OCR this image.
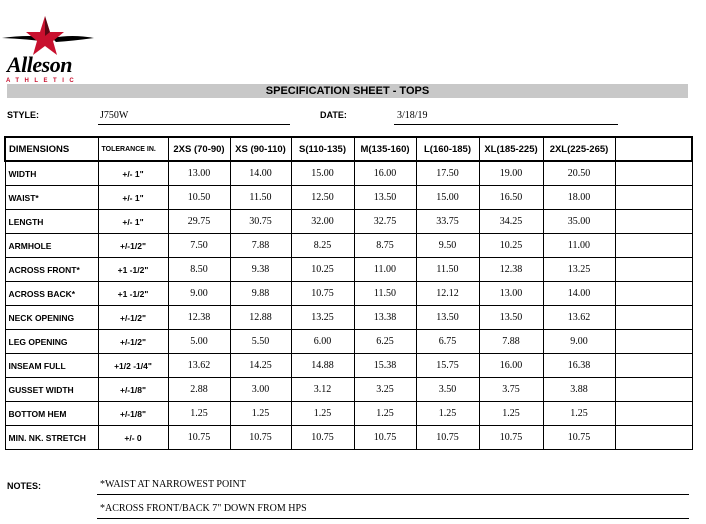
Alleson
ATHLETIC
SPECIFICATION SHEET - TOPS
STYLE:	J750W	DATE:	3/18/19
DIMENSIONS	TOLERANCE IN.	2XS (70-90)	XS (90-110)	S(110-135)	M(135-160)	L(160-185)	XL(185-225)	2XL(225-265)	
WIDTH	+/- 1"	13.00	14.00	15.00	16.00	17.50	19.00	20.50	
WAIST*	+/- 1"	10.50	11.50	12.50	13.50	15.00	16.50	18.00	
LENGTH	+/- 1"	29.75	30.75	32.00	32.75	33.75	34.25	35.00	
ARMHOLE	+/-1/2"	7.50	7.88	8.25	8.75	9.50	10.25	11.00	
ACROSS FRONT*	+1 -1/2"	8.50	9.38	10.25	11.00	11.50	12.38	13.25	
ACROSS BACK*	+1 -1/2"	9.00	9.88	10.75	11.50	12.12	13.00	14.00	
NECK OPENING	+/-1/2"	12.38	12.88	13.25	13.38	13.50	13.50	13.62	
LEG OPENING	+/-1/2"	5.00	5.50	6.00	6.25	6.75	7.88	9.00	
INSEAM FULL	+1/2 -1/4"	13.62	14.25	14.88	15.38	15.75	16.00	16.38	
GUSSET WIDTH	+/-1/8"	2.88	3.00	3.12	3.25	3.50	3.75	3.88	
BOTTOM HEM	+/-1/8"	1.25	1.25	1.25	1.25	1.25	1.25	1.25	
MIN. NK. STRETCH	+/- 0	10.75	10.75	10.75	10.75	10.75	10.75	10.75	
NOTES:	*WAIST AT NARROWEST POINT
*ACROSS FRONT/BACK 7" DOWN FROM HPS
